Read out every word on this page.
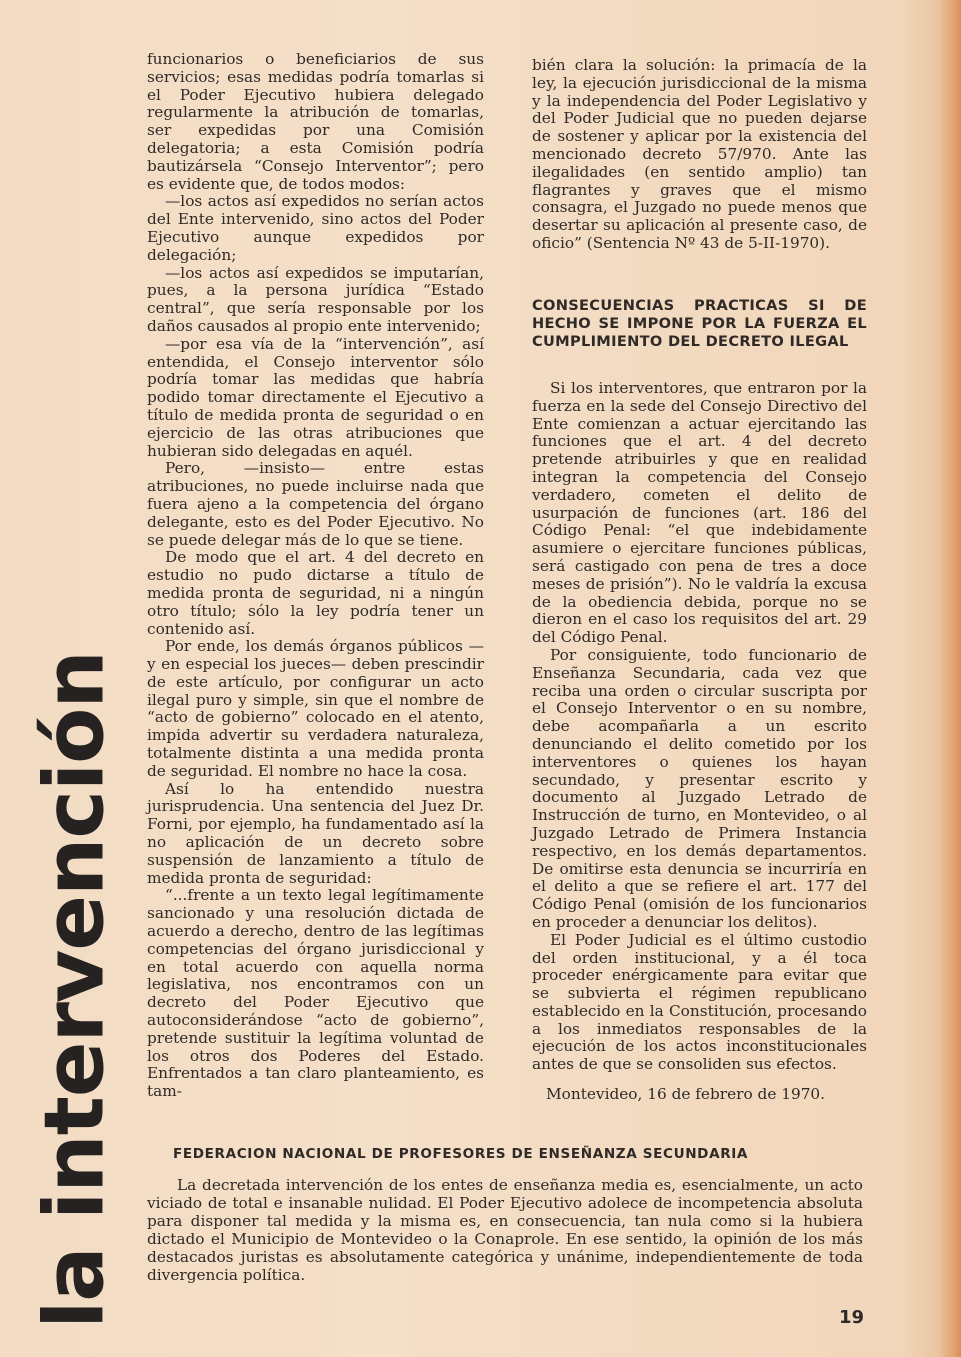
la intervención

funcionarios o beneficiarios de sus servicios; esas medidas podría tomarlas si el Poder Ejecutivo hubiera delegado regularmente la atribución de tomarlas, ser expedidas por una Comisión delegatoria; a esta Comisión podría bautizársela “Consejo Interventor”; pero es evidente que, de todos modos:

—los actos así expedidos no serían actos del Ente intervenido, sino actos del Poder Ejecutivo aunque expedidos por delegación;

—los actos así expedidos se imputarían, pues, a la persona jurídica “Estado central”, que sería responsable por los daños causados al propio ente intervenido;

—por esa vía de la “intervención”, así entendida, el Consejo interventor sólo podría tomar las medidas que habría podido tomar directamente el Ejecutivo a título de medida pronta de seguridad o en ejercicio de las otras atribuciones que hubieran sido delegadas en aquél.

Pero, —insisto— entre estas atribuciones, no puede incluirse nada que fuera ajeno a la competencia del órgano delegante, esto es del Poder Ejecutivo. No se puede delegar más de lo que se tiene.

De modo que el art. 4 del decreto en estudio no pudo dictarse a título de medida pronta de seguridad, ni a ningún otro título; sólo la ley podría tener un contenido así.

Por ende, los demás órganos públicos —y en especial los jueces— deben prescindir de este artículo, por configurar un acto ilegal puro y simple, sin que el nombre de “acto de gobierno” colocado en el atento, impida advertir su verdadera naturaleza, totalmente distinta a una medida pronta de seguridad. El nombre no hace la cosa.

Así lo ha entendido nuestra jurisprudencia. Una sentencia del Juez Dr. Forni, por ejemplo, ha fundamentado así la no aplicación de un decreto sobre suspensión de lanzamiento a título de medida pronta de seguridad:

“...frente a un texto legal legítimamente sancionado y una resolución dictada de acuerdo a derecho, dentro de las legítimas competencias del órgano jurisdiccional y en total acuerdo con aquella norma legislativa, nos encontramos con un decreto del Poder Ejecutivo que autoconsiderándose “acto de gobierno”, pretende sustituir la legítima voluntad de los otros dos Poderes del Estado. Enfrentados a tan claro planteamiento, es tam-

bién clara la solución: la primacía de la ley, la ejecución jurisdiccional de la misma y la independencia del Poder Legislativo y del Poder Judicial que no pueden dejarse de sostener y aplicar por la existencia del mencionado decreto 57/970. Ante las ilegalidades (en sentido amplio) tan flagrantes y graves que el mismo consagra, el Juzgado no puede menos que desertar su aplicación al presente caso, de oficio” (Sentencia Nº 43 de 5-II-1970).

CONSECUENCIAS PRACTICAS SI DE HECHO SE IMPONE POR LA FUERZA EL CUMPLIMIENTO DEL DECRETO ILEGAL

Si los interventores, que entraron por la fuerza en la sede del Consejo Directivo del Ente comienzan a actuar ejercitando las funciones que el art. 4 del decreto pretende atribuirles y que en realidad integran la competencia del Consejo verdadero, cometen el delito de usurpación de funciones (art. 186 del Código Penal: “el que indebidamente asumiere o ejercitare funciones públicas, será castigado con pena de tres a doce meses de prisión”). No le valdría la excusa de la obediencia debida, porque no se dieron en el caso los requisitos del art. 29 del Código Penal.

Por consiguiente, todo funcionario de Enseñanza Secundaria, cada vez que reciba una orden o circular suscripta por el Consejo Interventor o en su nombre, debe acompañarla a un escrito denunciando el delito cometido por los interventores o quienes los hayan secundado, y presentar escrito y documento al Juzgado Letrado de Instrucción de turno, en Montevideo, o al Juzgado Letrado de Primera Instancia respectivo, en los demás departamentos. De omitirse esta denuncia se incurriría en el delito a que se refiere el art. 177 del Código Penal (omisión de los funcionarios en proceder a denunciar los delitos).

El Poder Judicial es el último custodio del orden institucional, y a él toca proceder enérgicamente para evitar que se subvierta el régimen republicano establecido en la Constitución, procesando a los inmediatos responsables de la ejecución de los actos inconstitucionales antes de que se consoliden sus efectos.

Montevideo, 16 de febrero de 1970.
FEDERACION NACIONAL DE PROFESORES DE ENSEÑANZA SECUNDARIA

La decretada intervención de los entes de enseñanza media es, esencialmente, un acto viciado de total e insanable nulidad. El Poder Ejecutivo adolece de incompetencia absoluta para disponer tal medida y la misma es, en consecuencia, tan nula como si la hubiera dictado el Municipio de Montevideo o la Conaprole. En ese sentido, la opinión de los más destacados juristas es absolutamente categórica y unánime, independientemente de toda divergencia política.

19
